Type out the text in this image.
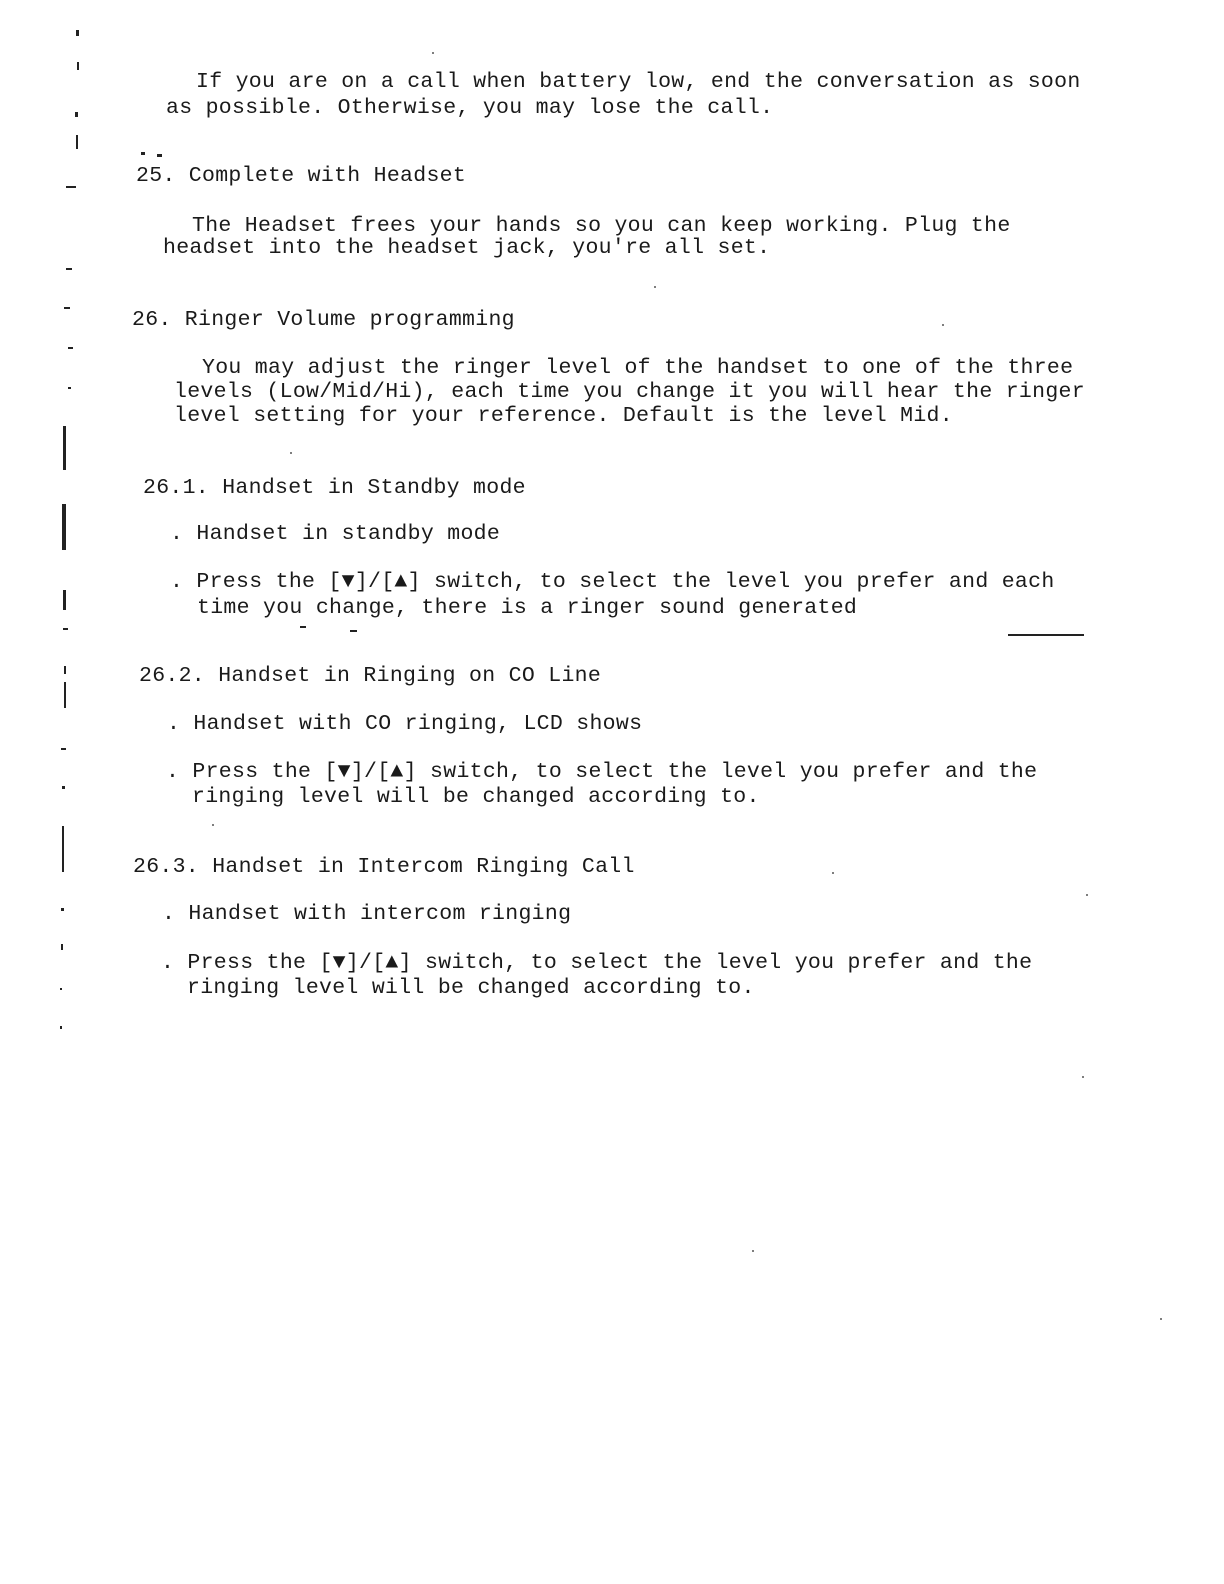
If you are on a call when battery low, end the conversation as soon
as possible. Otherwise, you may lose the call.
25. Complete with Headset
The Headset frees your hands so you can keep working. Plug the
headset into the headset jack, you're all set.
26. Ringer Volume programming
You may adjust the ringer level of the handset to one of the three
levels (Low/Mid/Hi), each time you change it you will hear the ringer
level setting for your reference. Default is the level Mid.
26.1. Handset in Standby mode
. Handset in standby mode
. Press the [▼]/[▲] switch, to select the level you prefer and each
time you change, there is a ringer sound generated
26.2. Handset in Ringing on CO Line
. Handset with CO ringing, LCD shows
. Press the [▼]/[▲] switch, to select the level you prefer and the
ringing level will be changed according to.
26.3. Handset in Intercom Ringing Call
. Handset with intercom ringing
. Press the [▼]/[▲] switch, to select the level you prefer and the
ringing level will be changed according to.
